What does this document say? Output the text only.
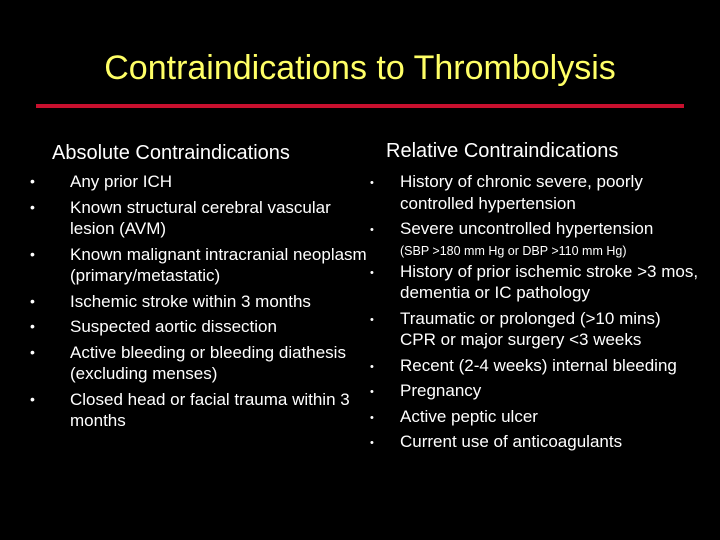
Contraindications to Thrombolysis
Absolute Contraindications	Relative Contraindications
• Any prior ICH
• Known structural cerebral vascular lesion (AVM)
• Known malignant intracranial neoplasm (primary/metastatic)
• Ischemic stroke within 3 months
• Suspected aortic dissection
• Active bleeding or bleeding diathesis (excluding menses)
• Closed head or facial trauma within 3 months
• History of chronic severe, poorly controlled hypertension
• Severe uncontrolled hypertension
(SBP >180 mm Hg or DBP >110 mm Hg)
• History of prior ischemic stroke >3 mos, dementia or IC pathology
• Traumatic or prolonged (>10 mins) CPR or major surgery <3 weeks
• Recent (2-4 weeks) internal bleeding
• Pregnancy
• Active peptic ulcer
• Current use of anticoagulants
